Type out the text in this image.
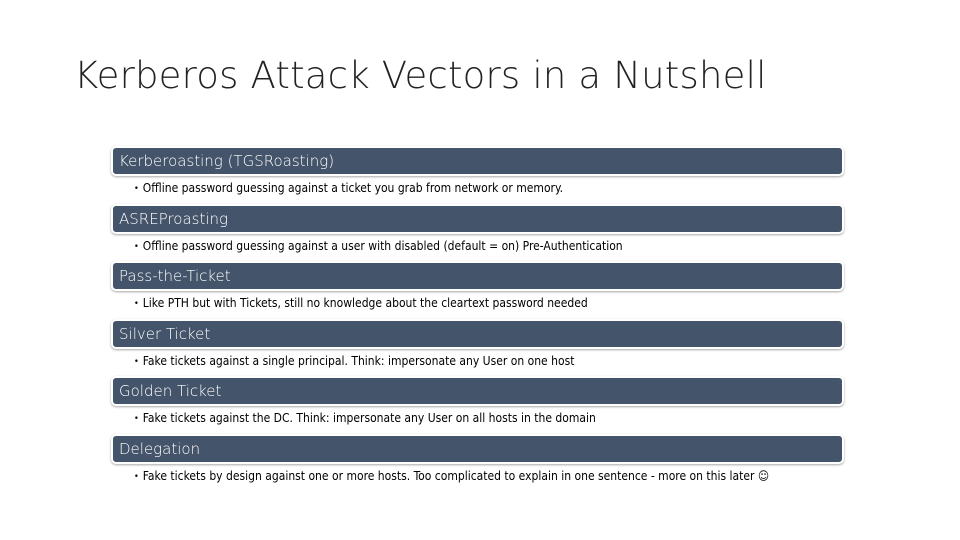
Kerberos Attack Vectors in a Nutshell
Kerberoasting (TGSRoasting)
• Offline password guessing against a ticket you grab from network or memory.
ASREProasting
• Offline password guessing against a user with disabled (default = on) Pre-Authentication
Pass-the-Ticket
• Like PTH but with Tickets, still no knowledge about the cleartext password needed
Silver Ticket
• Fake tickets against a single principal. Think: impersonate any User on one host
Golden Ticket
• Fake tickets against the DC. Think: impersonate any User on all hosts in the domain
Delegation
• Fake tickets by design against one or more hosts. Too complicated to explain in one sentence - more on this later ☺
